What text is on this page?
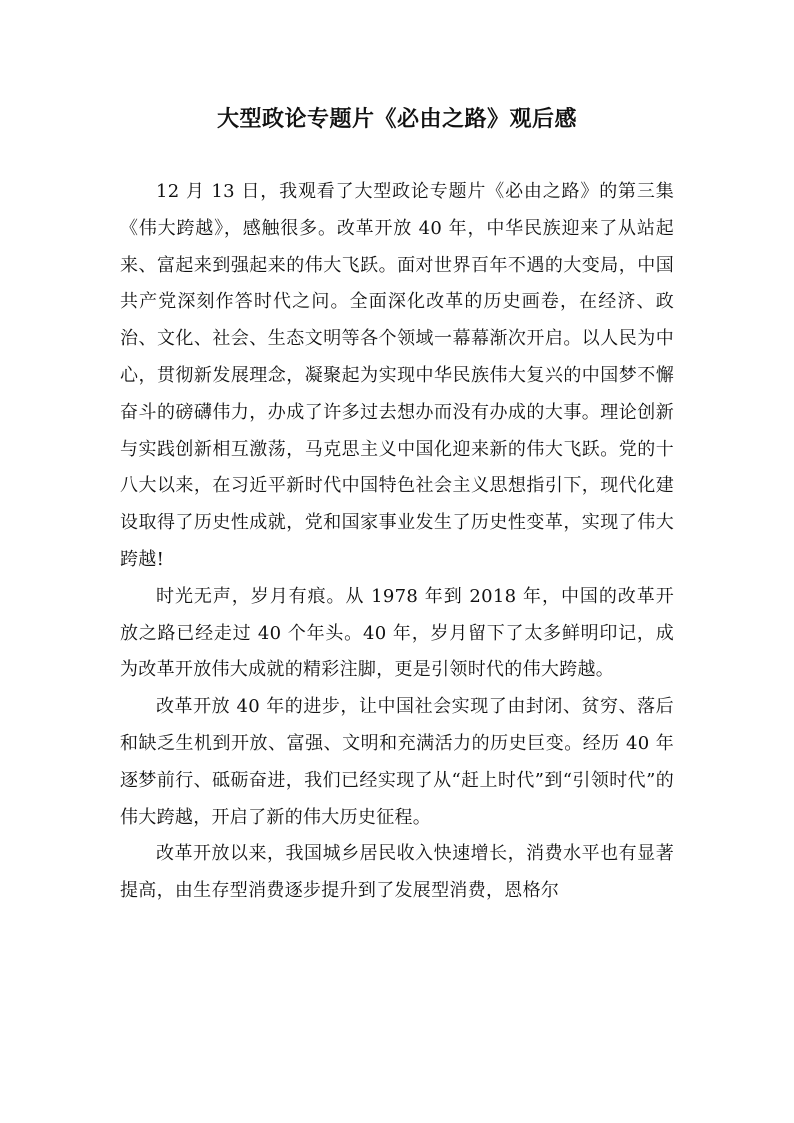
大型政论专题片《必由之路》观后感

12 月 13 日，我观看了大型政论专题片《必由之路》的第三集《伟大跨越》，感触很多。改革开放 40 年，中华民族迎来了从站起来、富起来到强起来的伟大飞跃。面对世界百年不遇的大变局，中国共产党深刻作答时代之问。全面深化改革的历史画卷，在经济、政治、文化、社会、生态文明等各个领域一幕幕渐次开启。以人民为中心，贯彻新发展理念，凝聚起为实现中华民族伟大复兴的中国梦不懈奋斗的磅礴伟力，办成了许多过去想办而没有办成的大事。理论创新与实践创新相互激荡，马克思主义中国化迎来新的伟大飞跃。党的十八大以来，在习近平新时代中国特色社会主义思想指引下，现代化建设取得了历史性成就，党和国家事业发生了历史性变革，实现了伟大跨越!

时光无声，岁月有痕。从 1978 年到 2018 年，中国的改革开放之路已经走过 40 个年头。40 年，岁月留下了太多鲜明印记，成为改革开放伟大成就的精彩注脚，更是引领时代的伟大跨越。

改革开放 40 年的进步，让中国社会实现了由封闭、贫穷、落后和缺乏生机到开放、富强、文明和充满活力的历史巨变。经历 40 年逐梦前行、砥砺奋进，我们已经实现了从“赶上时代”到“引领时代”的伟大跨越，开启了新的伟大历史征程。

改革开放以来，我国城乡居民收入快速增长，消费水平也有显著提高，由生存型消费逐步提升到了发展型消费，恩格尔
